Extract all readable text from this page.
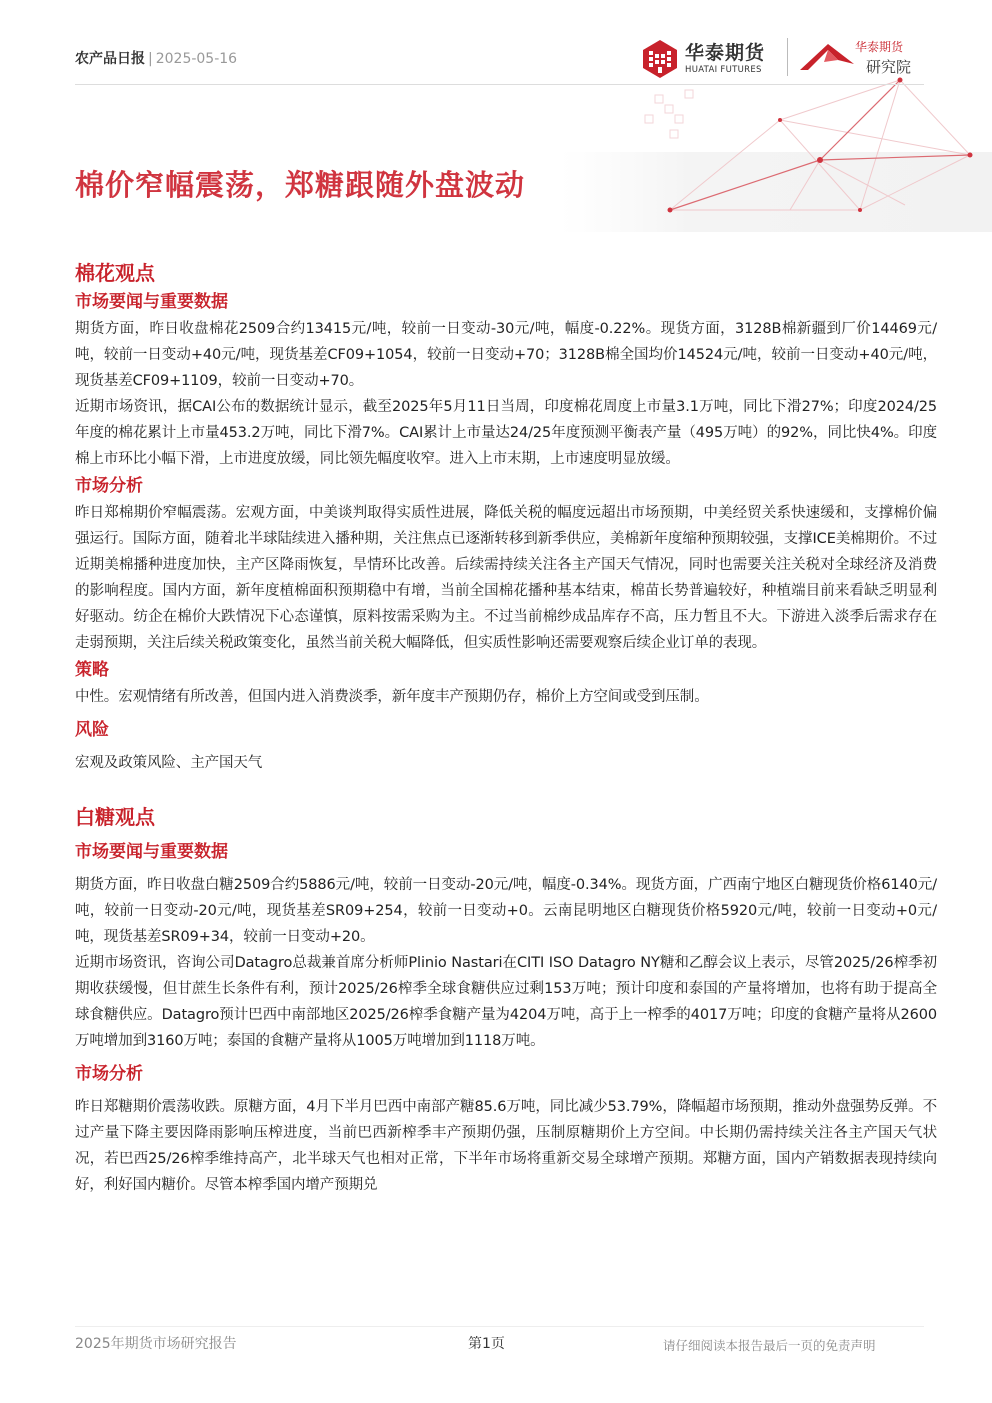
农产品日报 | 2025-05-16	华泰期货
HUATAI FUTURES
华泰期货
研究院
棉价窄幅震荡，郑糖跟随外盘波动
棉花观点
市场要闻与重要数据

期货方面，昨日收盘棉花2509合约13415元/吨，较前一日变动-30元/吨，幅度-0.22%。现货方面，3128B棉新疆到厂价14469元/吨，较前一日变动+40元/吨，现货基差CF09+1054，较前一日变动+70；3128B棉全国均价14524元/吨，较前一日变动+40元/吨，现货基差CF09+1109，较前一日变动+70。

近期市场资讯，据CAI公布的数据统计显示，截至2025年5月11日当周，印度棉花周度上市量3.1万吨，同比下滑27%；印度2024/25年度的棉花累计上市量453.2万吨，同比下滑7%。CAI累计上市量达24/25年度预测平衡表产量（495万吨）的92%，同比快4%。印度棉上市环比小幅下滑，上市进度放缓，同比领先幅度收窄。进入上市末期，上市速度明显放缓。

市场分析

昨日郑棉期价窄幅震荡。宏观方面，中美谈判取得实质性进展，降低关税的幅度远超出市场预期，中美经贸关系快速缓和，支撑棉价偏强运行。国际方面，随着北半球陆续进入播种期，关注焦点已逐渐转移到新季供应，美棉新年度缩种预期较强，支撑ICE美棉期价。不过近期美棉播种进度加快，主产区降雨恢复，旱情环比改善。后续需持续关注各主产国天气情况，同时也需要关注关税对全球经济及消费的影响程度。国内方面，新年度植棉面积预期稳中有增，当前全国棉花播种基本结束，棉苗长势普遍较好，种植端目前来看缺乏明显利好驱动。纺企在棉价大跌情况下心态谨慎，原料按需采购为主。不过当前棉纱成品库存不高，压力暂且不大。下游进入淡季后需求存在走弱预期，关注后续关税政策变化，虽然当前关税大幅降低，但实质性影响还需要观察后续企业订单的表现。

策略

中性。宏观情绪有所改善，但国内进入消费淡季，新年度丰产预期仍存，棉价上方空间或受到压制。

风险

宏观及政策风险、主产国天气

白糖观点
市场要闻与重要数据

期货方面，昨日收盘白糖2509合约5886元/吨，较前一日变动-20元/吨，幅度-0.34%。现货方面，广西南宁地区白糖现货价格6140元/吨，较前一日变动-20元/吨，现货基差SR09+254，较前一日变动+0。云南昆明地区白糖现货价格5920元/吨，较前一日变动+0元/吨，现货基差SR09+34，较前一日变动+20。

近期市场资讯，咨询公司Datagro总裁兼首席分析师Plinio Nastari在CITI ISO Datagro NY糖和乙醇会议上表示，尽管2025/26榨季初期收获缓慢，但甘蔗生长条件有利，预计2025/26榨季全球食糖供应过剩153万吨；预计印度和泰国的产量将增加，也将有助于提高全球食糖供应。Datagro预计巴西中南部地区2025/26榨季食糖产量为4204万吨，高于上一榨季的4017万吨；印度的食糖产量将从2600万吨增加到3160万吨；泰国的食糖产量将从1005万吨增加到1118万吨。

市场分析

昨日郑糖期价震荡收跌。原糖方面，4月下半月巴西中南部产糖85.6万吨，同比减少53.79%，降幅超市场预期，推动外盘强势反弹。不过产量下降主要因降雨影响压榨进度，当前巴西新榨季丰产预期仍强，压制原糖期价上方空间。中长期仍需持续关注各主产国天气状况，若巴西25/26榨季维持高产，北半球天气也相对正常，下半年市场将重新交易全球增产预期。郑糖方面，国内产销数据表现持续向好，利好国内糖价。尽管本榨季国内增产预期兑

2025年期货市场研究报告	第1页	请仔细阅读本报告最后一页的免责声明
